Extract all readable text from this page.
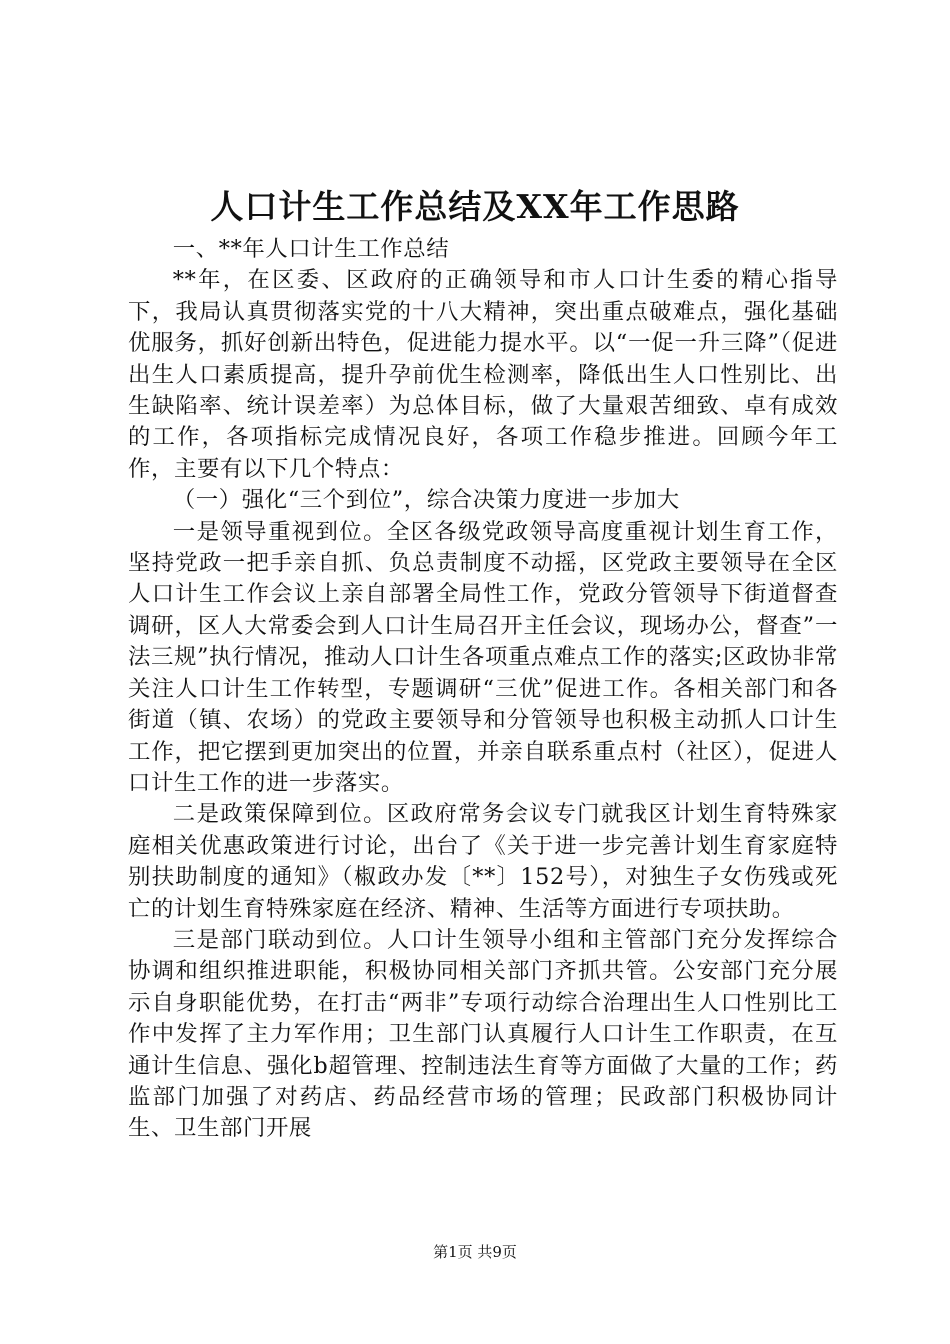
人口计生工作总结及XX年工作思路

一、**年人口计生工作总结

**年，在区委、区政府的正确领导和市人口计生委的精心指导下，我局认真贯彻落实党的十八大精神，突出重点破难点，强化基础优服务，抓好创新出特色，促进能力提水平。以“一促一升三降”（促进出生人口素质提高，提升孕前优生检测率，降低出生人口性别比、出生缺陷率、统计误差率）为总体目标，做了大量艰苦细致、卓有成效的工作，各项指标完成情况良好，各项工作稳步推进。回顾今年工作，主要有以下几个特点：

（一）强化“三个到位”，综合决策力度进一步加大

一是领导重视到位。全区各级党政领导高度重视计划生育工作，坚持党政一把手亲自抓、负总责制度不动摇，区党政主要领导在全区人口计生工作会议上亲自部署全局性工作，党政分管领导下街道督查调研，区人大常委会到人口计生局召开主任会议，现场办公，督查”一法三规”执行情况，推动人口计生各项重点难点工作的落实;区政协非常关注人口计生工作转型，专题调研“三优”促进工作。各相关部门和各街道（镇、农场）的党政主要领导和分管领导也积极主动抓人口计生工作，把它摆到更加突出的位置，并亲自联系重点村（社区），促进人口计生工作的进一步落实。

二是政策保障到位。区政府常务会议专门就我区计划生育特殊家庭相关优惠政策进行讨论，出台了《关于进一步完善计划生育家庭特别扶助制度的通知》（椒政办发〔**〕152号），对独生子女伤残或死亡的计划生育特殊家庭在经济、精神、生活等方面进行专项扶助。

三是部门联动到位。人口计生领导小组和主管部门充分发挥综合协调和组织推进职能，积极协同相关部门齐抓共管。公安部门充分展示自身职能优势，在打击“两非”专项行动综合治理出生人口性别比工作中发挥了主力军作用；卫生部门认真履行人口计生工作职责，在互通计生信息、强化b超管理、控制违法生育等方面做了大量的工作；药监部门加强了对药店、药品经营市场的管理；民政部门积极协同计生、卫生部门开展

第1页 共9页
